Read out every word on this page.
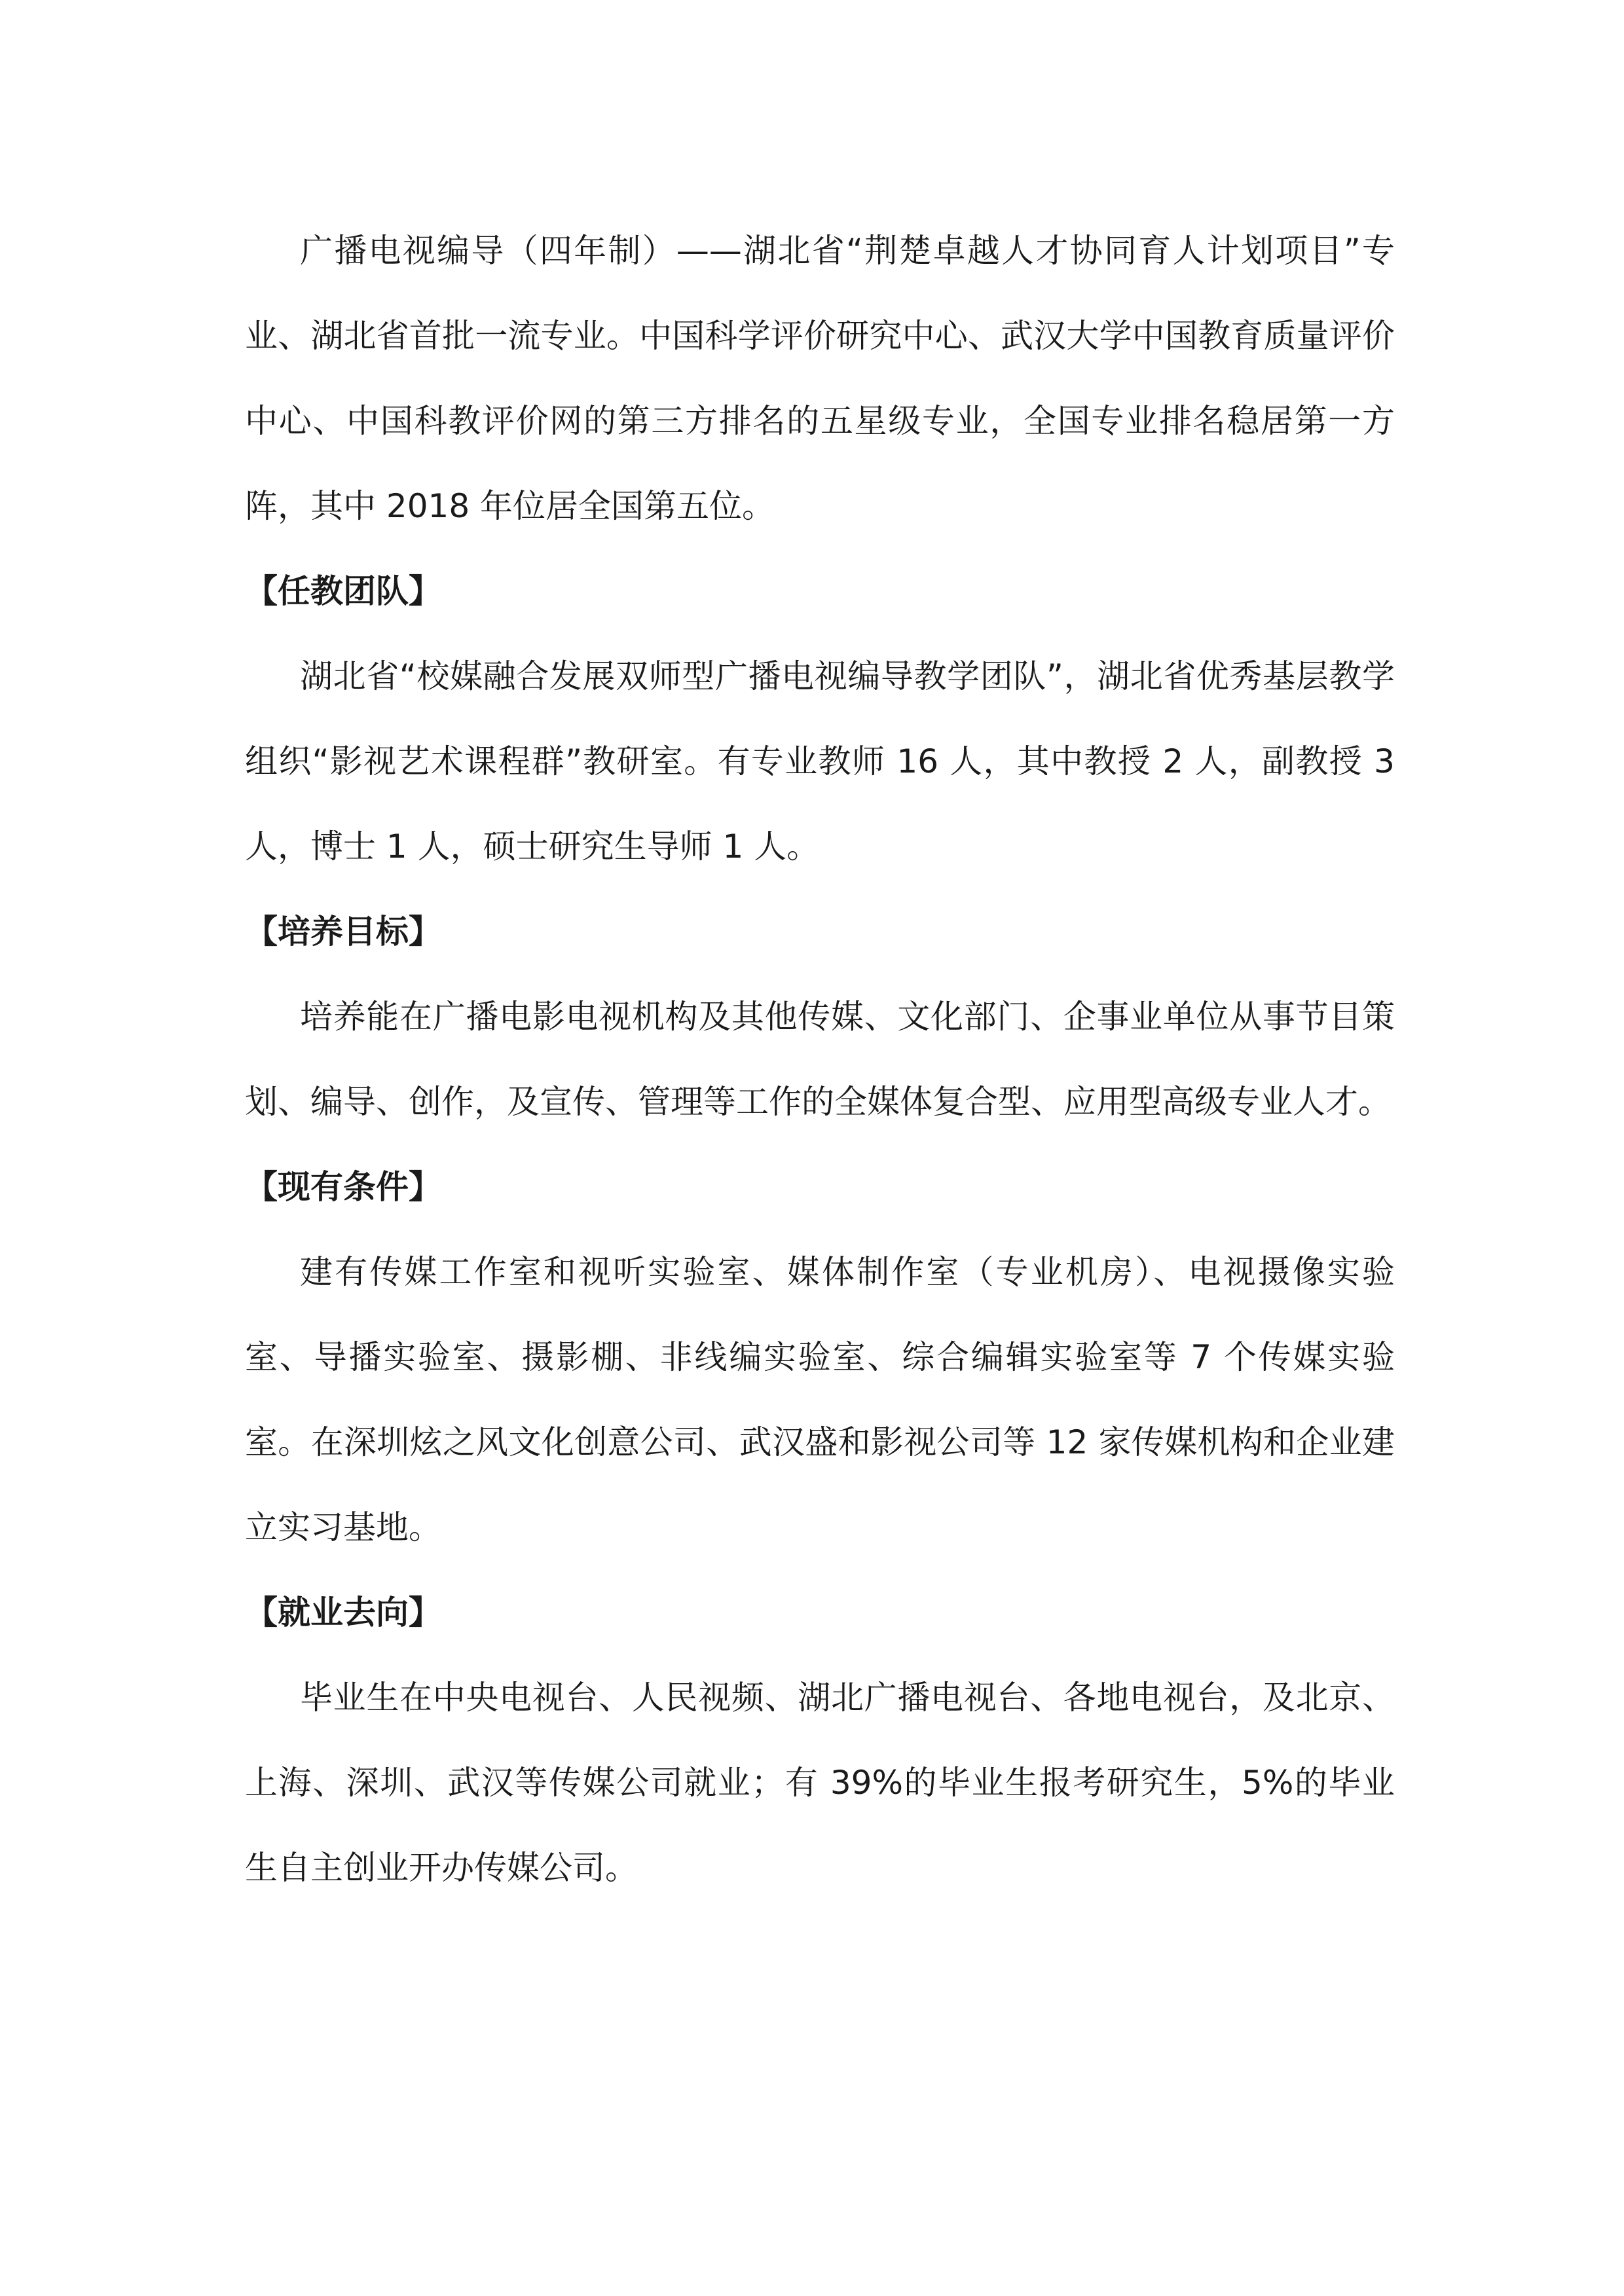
广播电视编导（四年制）——湖北省“荆楚卓越人才协同育人计划项目”专业、湖北省首批一流专业。中国科学评价研究中心、武汉大学中国教育质量评价中心、中国科教评价网的第三方排名的五星级专业，全国专业排名稳居第一方阵，其中 2018 年位居全国第五位。

【任教团队】

湖北省“校媒融合发展双师型广播电视编导教学团队”，湖北省优秀基层教学组织“影视艺术课程群”教研室。有专业教师 16 人，其中教授 2 人，副教授 3 人，博士 1 人，硕士研究生导师 1 人。

【培养目标】

培养能在广播电影电视机构及其他传媒、文化部门、企事业单位从事节目策划、编导、创作，及宣传、管理等工作的全媒体复合型、应用型高级专业人才。

【现有条件】

建有传媒工作室和视听实验室、媒体制作室（专业机房）、电视摄像实验室、导播实验室、摄影棚、非线编实验室、综合编辑实验室等 7 个传媒实验室。在深圳炫之风文化创意公司、武汉盛和影视公司等 12 家传媒机构和企业建立实习基地。

【就业去向】

毕业生在中央电视台、人民视频、湖北广播电视台、各地电视台，及北京、上海、深圳、武汉等传媒公司就业；有 39%的毕业生报考研究生，5%的毕业生自主创业开办传媒公司。
